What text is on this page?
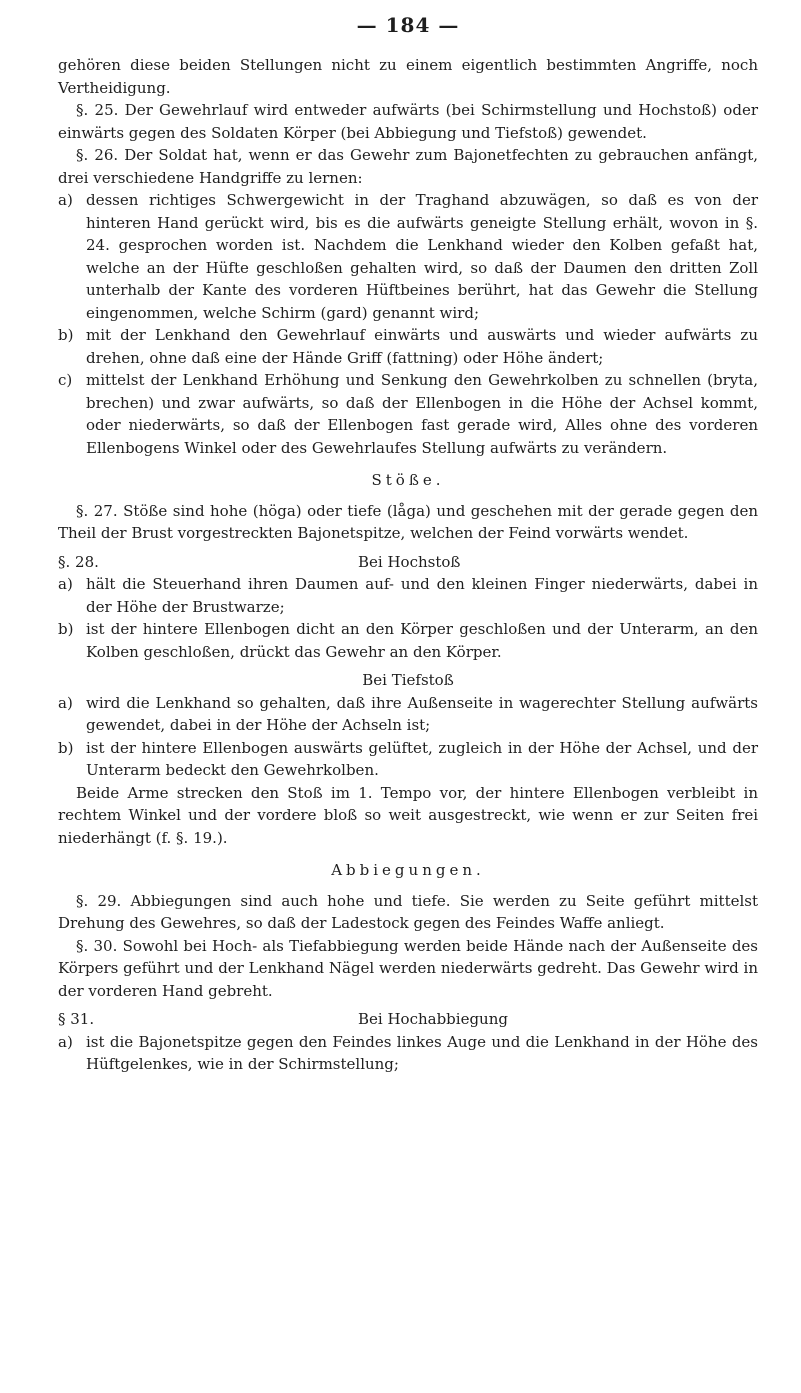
— 184 —

gehören diese beiden Stellungen nicht zu einem eigentlich bestimmten Angriffe, noch Vertheidigung.

§. 25. Der Gewehrlauf wird entweder aufwärts (bei Schirmstellung und Hochstoß) oder einwärts gegen des Soldaten Körper (bei Abbiegung und Tiefstoß) gewendet.

§. 26. Der Soldat hat, wenn er das Gewehr zum Bajonetfechten zu gebrauchen anfängt, drei verschiedene Handgriffe zu lernen:

a) dessen richtiges Schwergewicht in der Traghand abzuwägen, so daß es von der hinteren Hand gerückt wird, bis es die aufwärts geneigte Stellung erhält, wovon in §. 24. gesprochen worden ist. Nachdem die Lenkhand wieder den Kolben gefaßt hat, welche an der Hüfte geschloßen gehalten wird, so daß der Daumen den dritten Zoll unterhalb der Kante des vorderen Hüftbeines berührt, hat das Gewehr die Stellung eingenommen, welche Schirm (gard) genannt wird;

b) mit der Lenkhand den Gewehrlauf einwärts und auswärts und wieder aufwärts zu drehen, ohne daß eine der Hände Griff (fattning) oder Höhe ändert;

c) mittelst der Lenkhand Erhöhung und Senkung den Gewehrkolben zu schnellen (bryta, brechen) und zwar aufwärts, so daß der Ellenbogen in die Höhe der Achsel kommt, oder niederwärts, so daß der Ellenbogen fast gerade wird, Alles ohne des vorderen Ellenbogens Winkel oder des Gewehrlaufes Stellung aufwärts zu verändern.

Stöße.

§. 27. Stöße sind hohe (höga) oder tiefe (låga) und geschehen mit der gerade gegen den Theil der Brust vorgestreckten Bajonetspitze, welchen der Feind vorwärts wendet.

§. 28.	Bei Hochstoß
a) hält die Steuerhand ihren Daumen auf- und den kleinen Finger niederwärts, dabei in der Höhe der Brustwarze;

b) ist der hintere Ellenbogen dicht an den Körper geschloßen und der Unterarm, an den Kolben geschloßen, drückt das Gewehr an den Körper.

Bei Tiefstoß
a) wird die Lenkhand so gehalten, daß ihre Außenseite in wagerechter Stellung aufwärts gewendet, dabei in der Höhe der Achseln ist;

b) ist der hintere Ellenbogen auswärts gelüftet, zugleich in der Höhe der Achsel, und der Unterarm bedeckt den Gewehrkolben.

Beide Arme strecken den Stoß im 1. Tempo vor, der hintere Ellenbogen verbleibt in rechtem Winkel und der vordere bloß so weit ausgestreckt, wie wenn er zur Seiten frei niederhängt (f. §. 19.).

Abbiegungen.

§. 29. Abbiegungen sind auch hohe und tiefe. Sie werden zu Seite geführt mittelst Drehung des Gewehres, so daß der Ladestock gegen des Feindes Waffe anliegt.

§. 30. Sowohl bei Hoch- als Tiefabbiegung werden beide Hände nach der Außenseite des Körpers geführt und der Lenkhand Nägel werden niederwärts gedreht. Das Gewehr wird in der vorderen Hand gebreht.

§ 31.	Bei Hochabbiegung
a) ist die Bajonetspitze gegen den Feindes linkes Auge und die Lenkhand in der Höhe des Hüftgelenkes, wie in der Schirmstellung;
